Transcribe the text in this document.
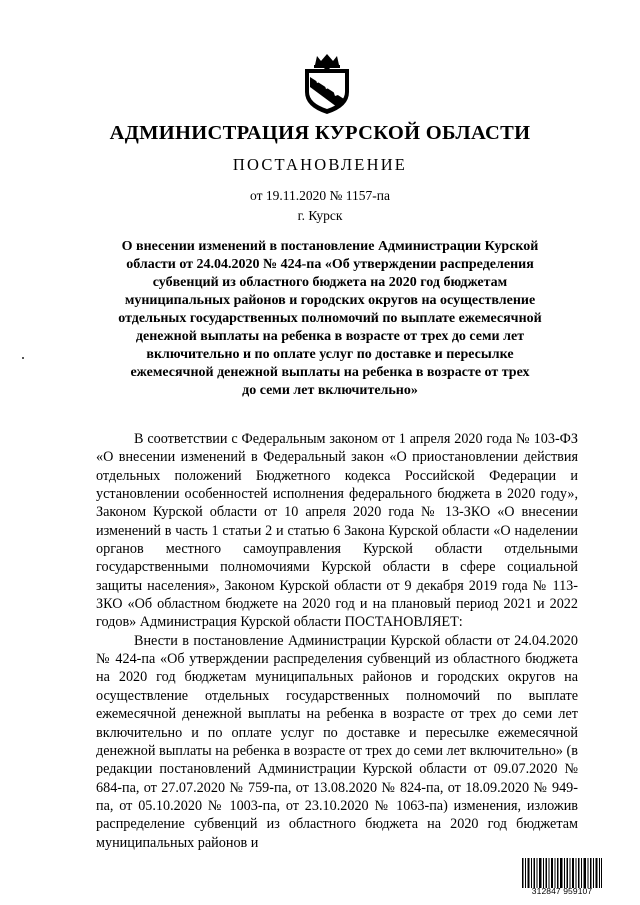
АДМИНИСТРАЦИЯ КУРСКОЙ ОБЛАСТИ
ПОСТАНОВЛЕНИЕ
от 19.11.2020 № 1157-па
г. Курск
О внесении изменений в постановление Администрации Курской
области от 24.04.2020 № 424-па «Об утверждении распределения
субвенций из областного бюджета на 2020 год бюджетам
муниципальных районов и городских округов на осуществление
отдельных государственных полномочий по выплате ежемесячной
денежной выплаты на ребенка в возрасте от трех до семи лет
включительно и по оплате услуг по доставке и пересылке
ежемесячной денежной выплаты на ребенка в возрасте от трех
до семи лет включительно»

В соответствии с Федеральным законом от 1 апреля 2020 года № 103-ФЗ «О внесении изменений в Федеральный закон «О приостановлении действия отдельных положений Бюджетного кодекса Российской Федерации и установлении особенностей исполнения федерального бюджета в 2020 году», Законом Курской области от 10 апреля 2020 года № 13-ЗКО «О внесении изменений в часть 1 статьи 2 и статью 6 Закона Курской области «О наделении органов местного самоуправления Курской области отдельными государственными полномочиями Курской области в сфере социальной защиты населения», Законом Курской области от 9 декабря 2019 года № 113-ЗКО «Об областном бюджете на 2020 год и на плановый период 2021 и 2022 годов» Администрация Курской области ПОСТАНОВЛЯЕТ:

Внести в постановление Администрации Курской области от 24.04.2020 № 424-па «Об утверждении распределения субвенций из областного бюджета на 2020 год бюджетам муниципальных районов и городских округов на осуществление отдельных государственных полномочий по выплате ежемесячной денежной выплаты на ребенка в возрасте от трех до семи лет включительно и по оплате услуг по доставке и пересылке ежемесячной денежной выплаты на ребенка в возрасте от трех до семи лет включительно» (в редакции постановлений Администрации Курской области от 09.07.2020 № 684-па, от 27.07.2020 № 759-па, от 13.08.2020 № 824-па, от 18.09.2020 № 949-па, от 05.10.2020 № 1003-па, от 23.10.2020 № 1063-па) изменения, изложив распределение субвенций из областного бюджета на 2020 год бюджетам муниципальных районов и

312847 959107
